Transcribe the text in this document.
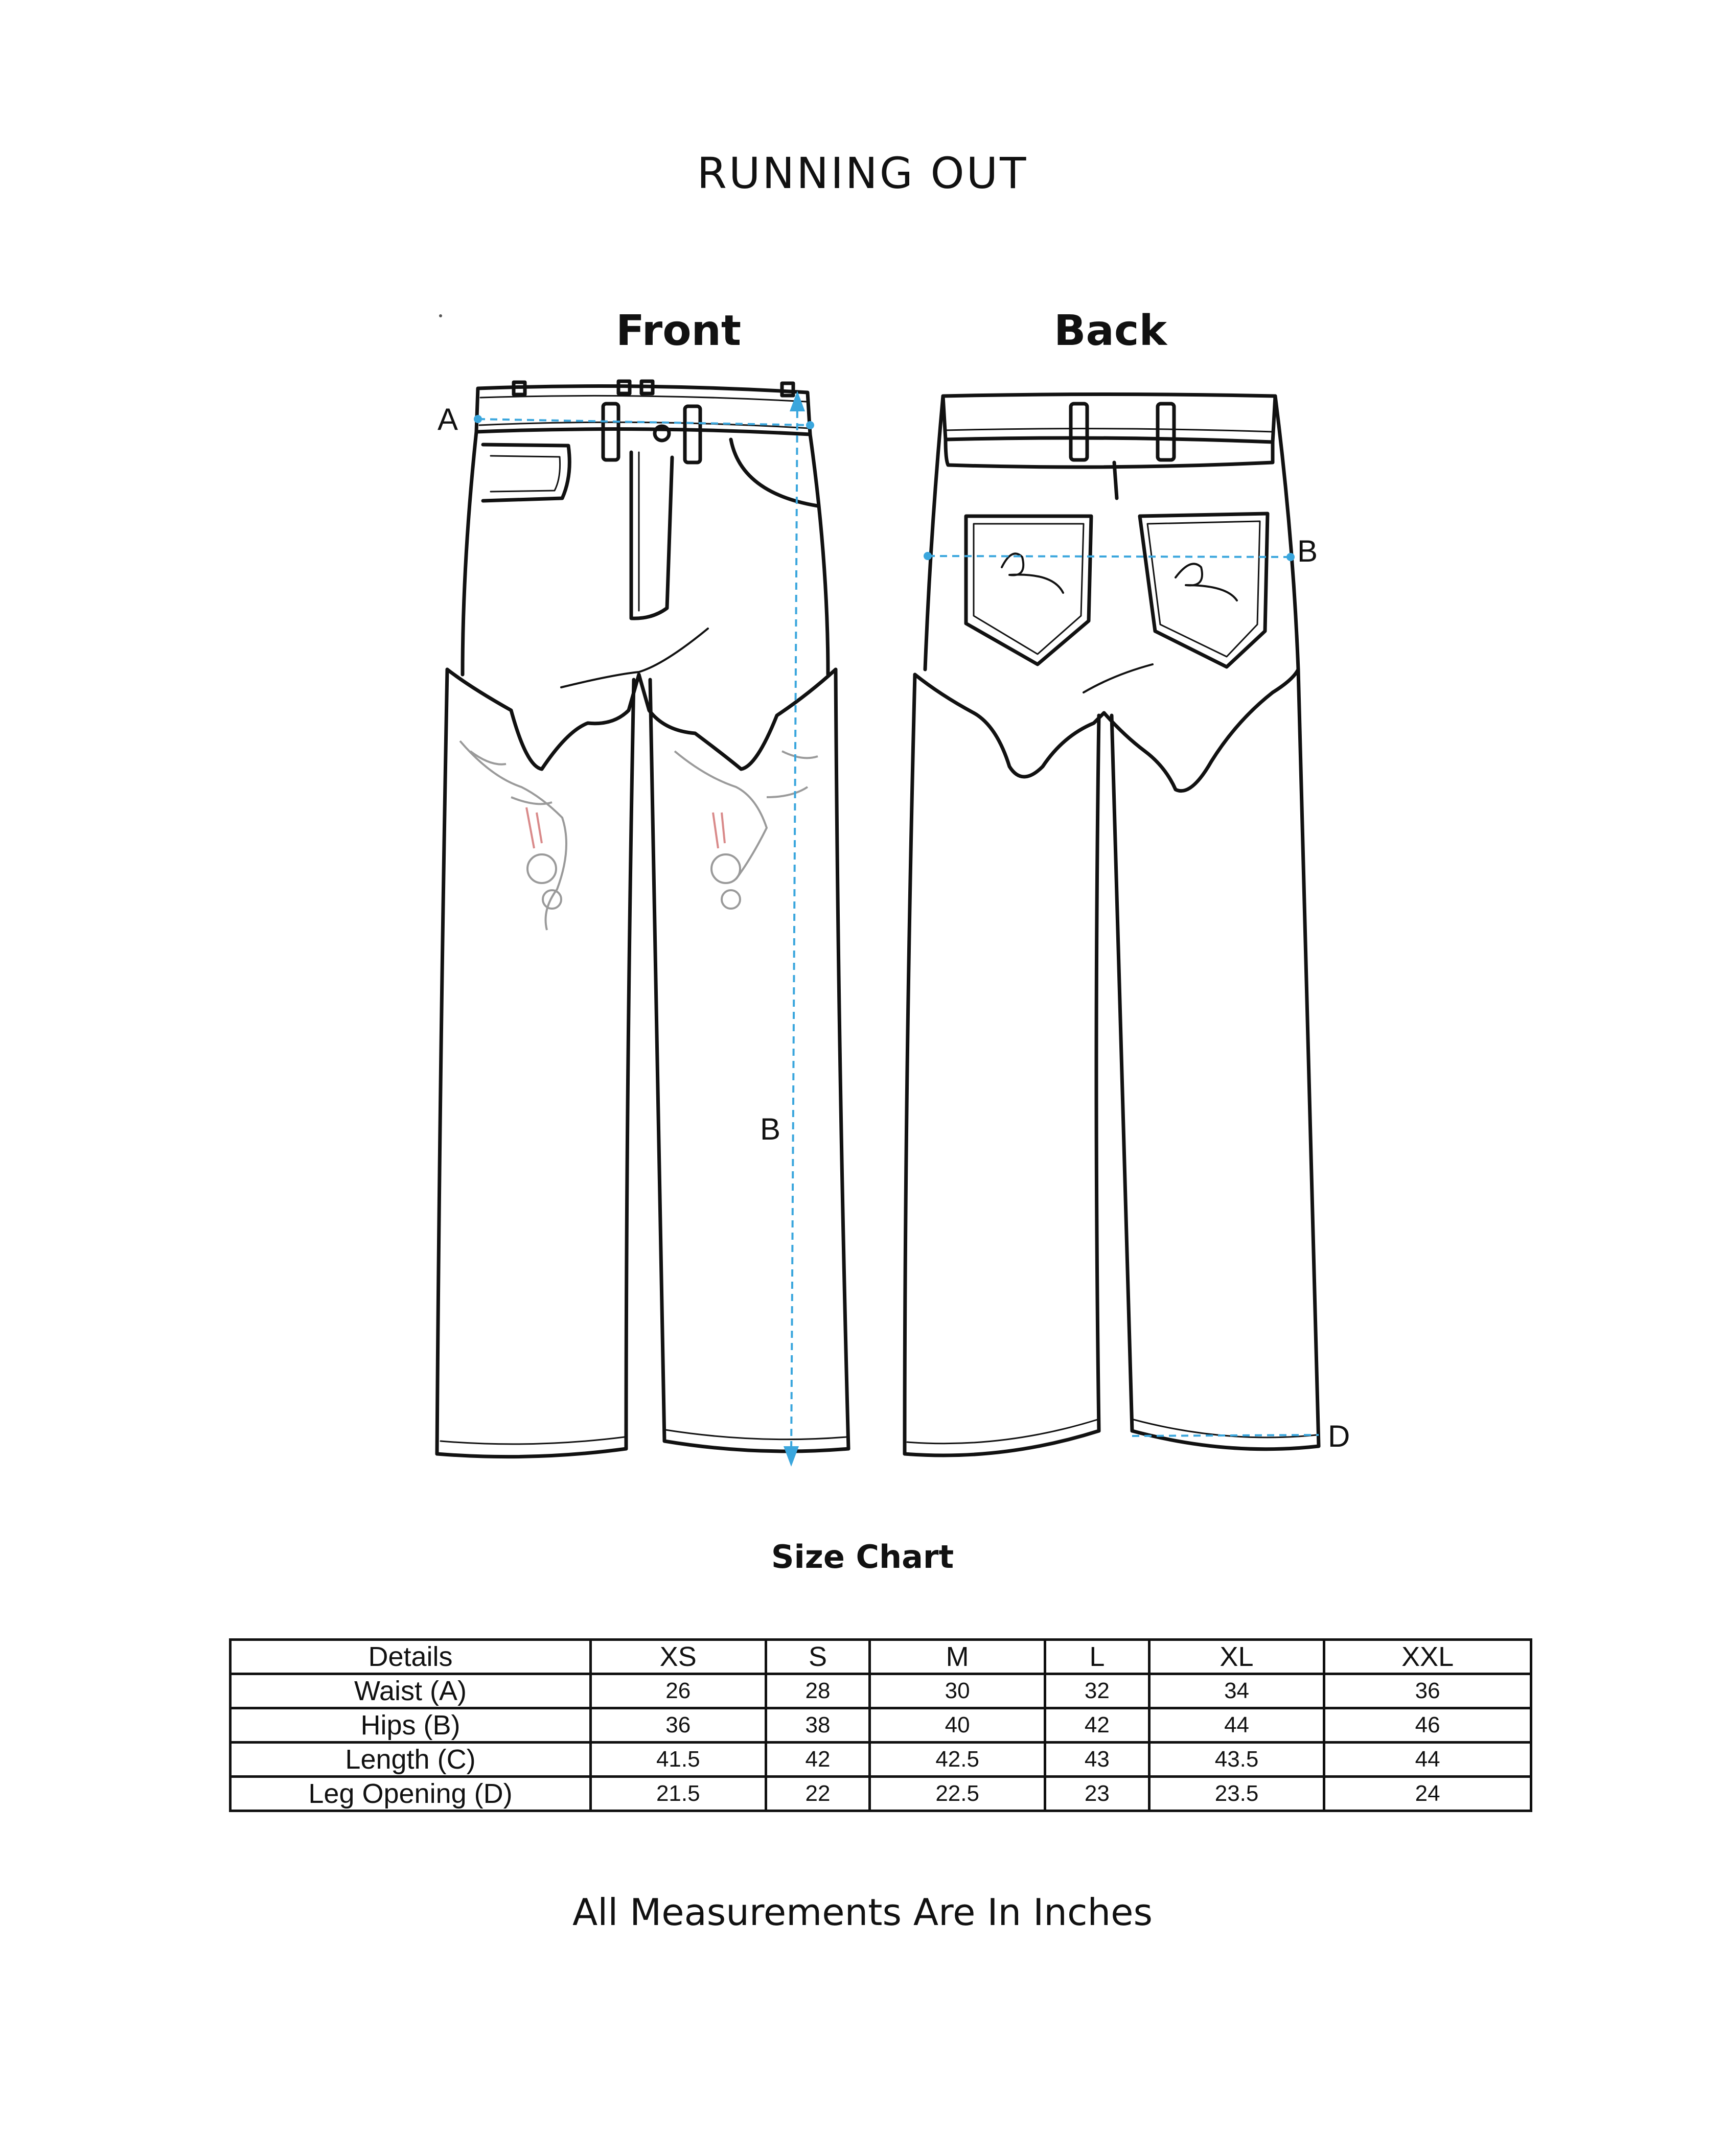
RUNNING OUT
Front	Back
A
B
B
D
Size Chart
Details	XS	S	M	L	XL	XXL
Waist (A)	26	28	30	32	34	36
Hips (B)	36	38	40	42	44	46
Length (C)	41.5	42	42.5	43	43.5	44
Leg Opening (D)	21.5	22	22.5	23	23.5	24
All Measurements Are In Inches
